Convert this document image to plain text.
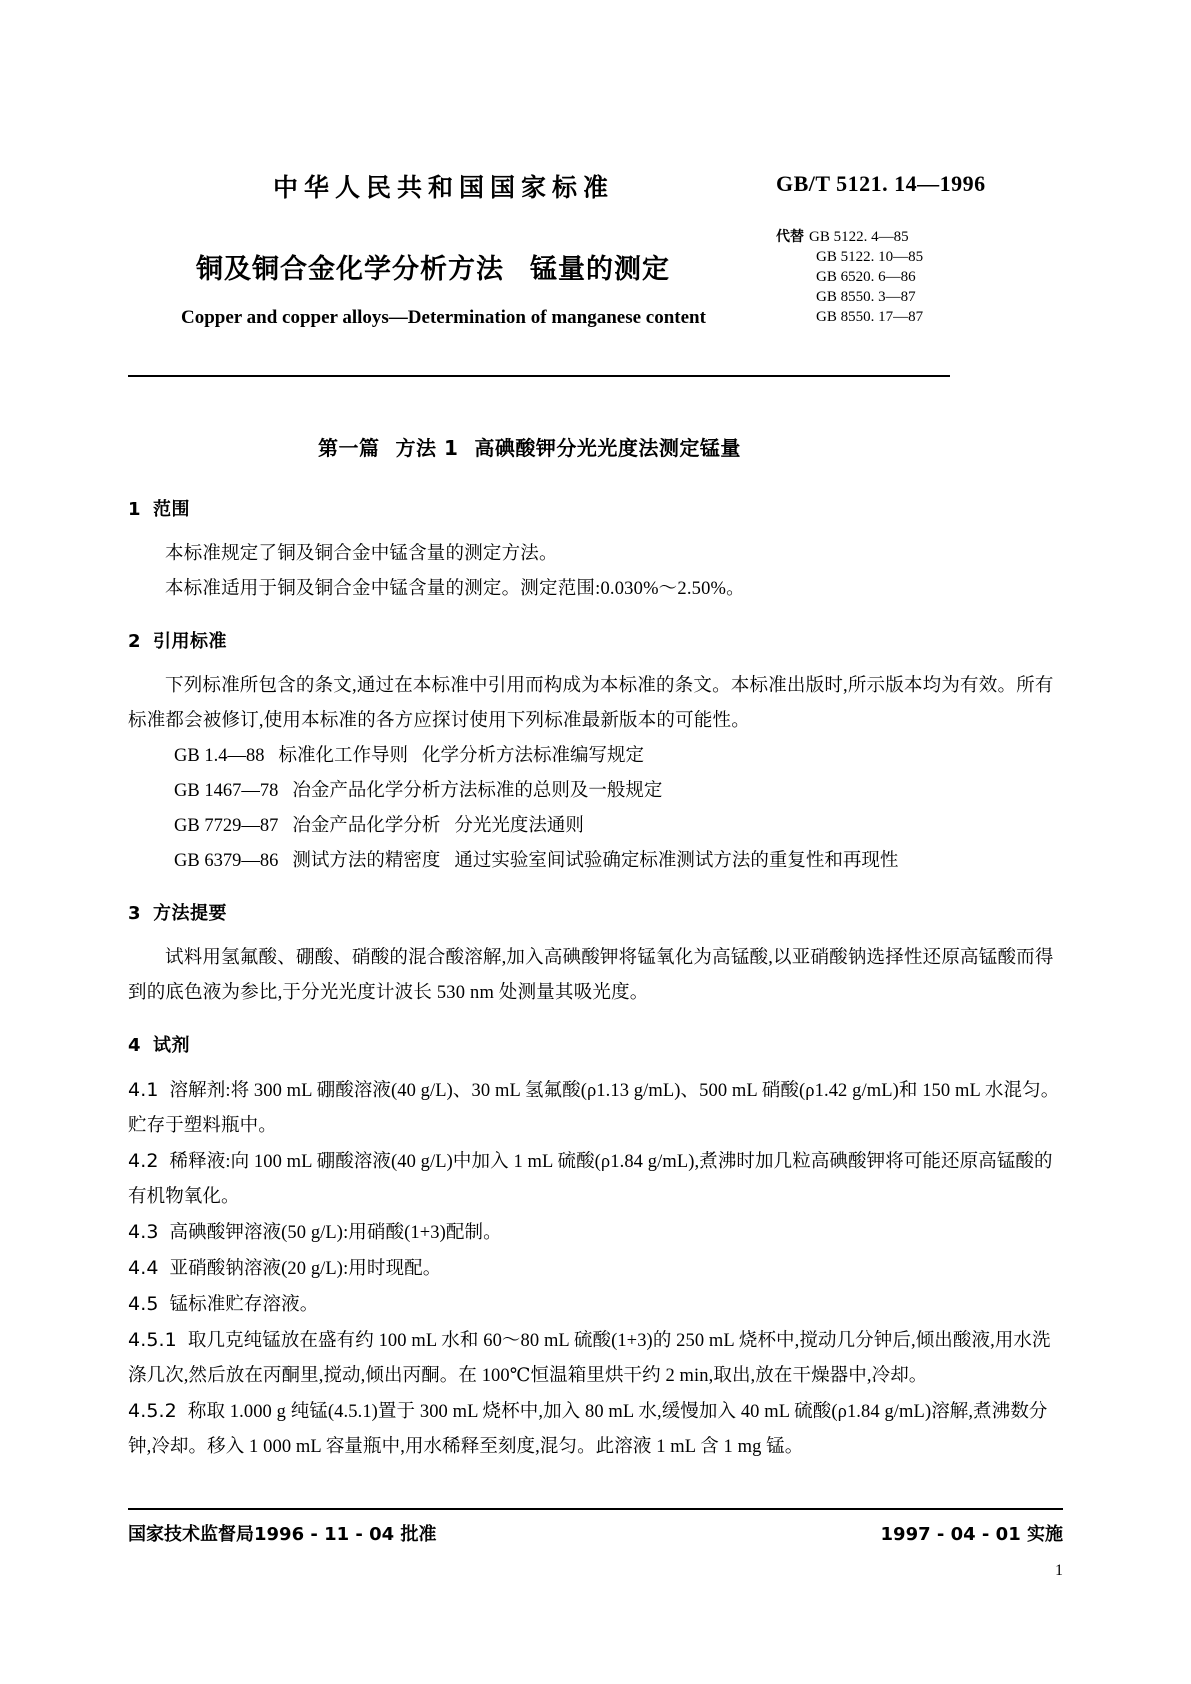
中华人民共和国国家标准	GB/T 5121. 14—1996
代替 GB 5122. 4—85
GB 5122. 10—85
GB 6520. 6—86
GB 8550. 3—87
GB 8550. 17—87
铜及铜合金化学分析方法 锰量的测定
Copper and copper alloys—Determination of manganese content
第一篇 方法 1 高碘酸钾分光光度法测定锰量
1 范围

本标准规定了铜及铜合金中锰含量的测定方法。

本标准适用于铜及铜合金中锰含量的测定。测定范围:0.030%～2.50%。

2 引用标准

下列标准所包含的条文,通过在本标准中引用而构成为本标准的条文。本标准出版时,所示版本均为有效。所有标准都会被修订,使用本标准的各方应探讨使用下列标准最新版本的可能性。

GB 1.4—88 标准化工作导则 化学分析方法标准编写规定

GB 1467—78 冶金产品化学分析方法标准的总则及一般规定

GB 7729—87 冶金产品化学分析 分光光度法通则

GB 6379—86 测试方法的精密度 通过实验室间试验确定标准测试方法的重复性和再现性

3 方法提要

试料用氢氟酸、硼酸、硝酸的混合酸溶解,加入高碘酸钾将锰氧化为高锰酸,以亚硝酸钠选择性还原高锰酸而得到的底色液为参比,于分光光度计波长 530 nm 处测量其吸光度。

4 试剂

4.1 溶解剂:将 300 mL 硼酸溶液(40 g/L)、30 mL 氢氟酸(ρ1.13 g/mL)、500 mL 硝酸(ρ1.42 g/mL)和 150 mL 水混匀。贮存于塑料瓶中。

4.2 稀释液:向 100 mL 硼酸溶液(40 g/L)中加入 1 mL 硫酸(ρ1.84 g/mL),煮沸时加几粒高碘酸钾将可能还原高锰酸的有机物氧化。

4.3 高碘酸钾溶液(50 g/L):用硝酸(1+3)配制。

4.4 亚硝酸钠溶液(20 g/L):用时现配。

4.5 锰标准贮存溶液。

4.5.1 取几克纯锰放在盛有约 100 mL 水和 60～80 mL 硫酸(1+3)的 250 mL 烧杯中,搅动几分钟后,倾出酸液,用水洗涤几次,然后放在丙酮里,搅动,倾出丙酮。在 100℃恒温箱里烘干约 2 min,取出,放在干燥器中,冷却。

4.5.2 称取 1.000 g 纯锰(4.5.1)置于 300 mL 烧杯中,加入 80 mL 水,缓慢加入 40 mL 硫酸(ρ1.84 g/mL)溶解,煮沸数分钟,冷却。移入 1 000 mL 容量瓶中,用水稀释至刻度,混匀。此溶液 1 mL 含 1 mg 锰。

国家技术监督局1996 - 11 - 04 批准	1997 - 04 - 01 实施
1
